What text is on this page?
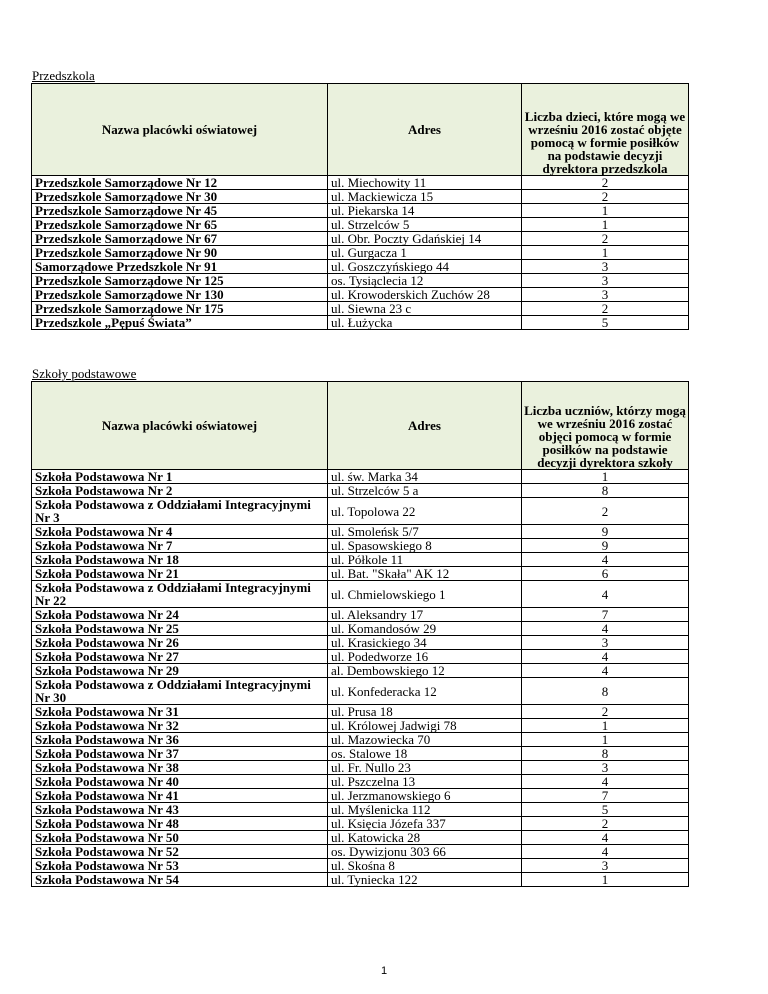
Przedszkola
Nazwa placówki oświatowej	Adres	Liczba dzieci, które mogą we wrześniu 2016 zostać objęte pomocą w formie posiłków na podstawie decyzji dyrektora przedszkola
Przedszkole Samorządowe Nr 12	ul. Miechowity 11	2
Przedszkole Samorządowe Nr 30	ul. Mackiewicza 15	2
Przedszkole Samorządowe Nr 45	ul. Piekarska 14	1
Przedszkole Samorządowe Nr 65	ul. Strzelców 5	1
Przedszkole Samorządowe Nr 67	ul. Obr. Poczty Gdańskiej 14	2
Przedszkole Samorządowe Nr 90	ul. Gurgacza 1	1
Samorządowe Przedszkole Nr 91	ul. Goszczyńskiego 44	3
Przedszkole Samorządowe Nr 125	os. Tysiąclecia 12	3
Przedszkole Samorządowe Nr 130	ul. Krowoderskich Zuchów 28	3
Przedszkole Samorządowe Nr 175	ul. Siewna 23 c	2
Przedszkole „Pępuś Świata”	ul. Łużycka	5
Szkoły podstawowe
Nazwa placówki oświatowej	Adres	Liczba uczniów, którzy mogą we wrześniu 2016 zostać objęci pomocą w formie posiłków na podstawie decyzji dyrektora szkoły
Szkoła Podstawowa Nr 1	ul. św. Marka 34	1
Szkoła Podstawowa Nr 2	ul. Strzelców 5 a	8
Szkoła Podstawowa z Oddziałami Integracyjnymi Nr 3	ul. Topolowa 22	2
Szkoła Podstawowa Nr 4	ul. Smoleńsk 5/7	9
Szkoła Podstawowa Nr 7	ul. Spasowskiego 8	9
Szkoła Podstawowa Nr 18	ul. Półkole 11	4
Szkoła Podstawowa Nr 21	ul. Bat. "Skała" AK 12	6
Szkoła Podstawowa z Oddziałami Integracyjnymi Nr 22	ul. Chmielowskiego 1	4
Szkoła Podstawowa Nr 24	ul. Aleksandry 17	7
Szkoła Podstawowa Nr 25	ul. Komandosów 29	4
Szkoła Podstawowa Nr 26	ul. Krasickiego 34	3
Szkoła Podstawowa Nr 27	ul. Podedworze 16	4
Szkoła Podstawowa Nr 29	al. Dembowskiego 12	4
Szkoła Podstawowa z Oddziałami Integracyjnymi Nr 30	ul. Konfederacka 12	8
Szkoła Podstawowa Nr 31	ul. Prusa 18	2
Szkoła Podstawowa Nr 32	ul. Królowej Jadwigi 78	1
Szkoła Podstawowa Nr 36	ul. Mazowiecka 70	1
Szkoła Podstawowa Nr 37	os. Stalowe 18	8
Szkoła Podstawowa Nr 38	ul. Fr. Nullo 23	3
Szkoła Podstawowa Nr 40	ul. Pszczelna 13	4
Szkoła Podstawowa Nr 41	ul. Jerzmanowskiego 6	7
Szkoła Podstawowa Nr 43	ul. Myślenicka 112	5
Szkoła Podstawowa Nr 48	ul. Księcia Józefa 337	2
Szkoła Podstawowa Nr 50	ul. Katowicka 28	4
Szkoła Podstawowa Nr 52	os. Dywizjonu 303 66	4
Szkoła Podstawowa Nr 53	ul. Skośna 8	3
Szkoła Podstawowa Nr 54	ul. Tyniecka 122	1
1
